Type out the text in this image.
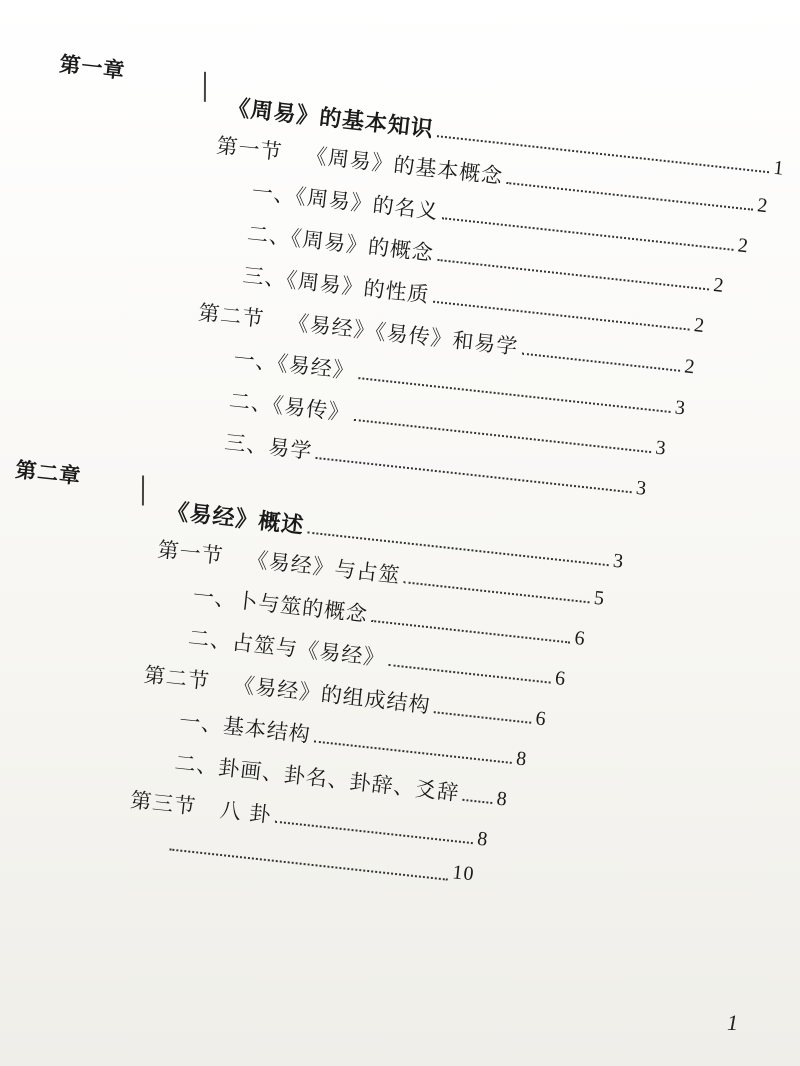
第一章
《周易》的基本知识
1
第一节 《周易》的基本概念
2
一、《周易》的名义
2
二、《周易》的概念
2
三、《周易》的性质
2
第二节 《易经》《易传》和易学
2
一、《易经》
3
二、《易传》
3
三、易学
3
第二章
《易经》概述
3
第一节 《易经》与占筮
5
一、卜与筮的概念
6
二、占筮与《易经》
6
第二节 《易经》的组成结构
6
一、基本结构
8
二、卦画、卦名、卦辞、爻辞 8
第三节 八 卦
8
10
1
